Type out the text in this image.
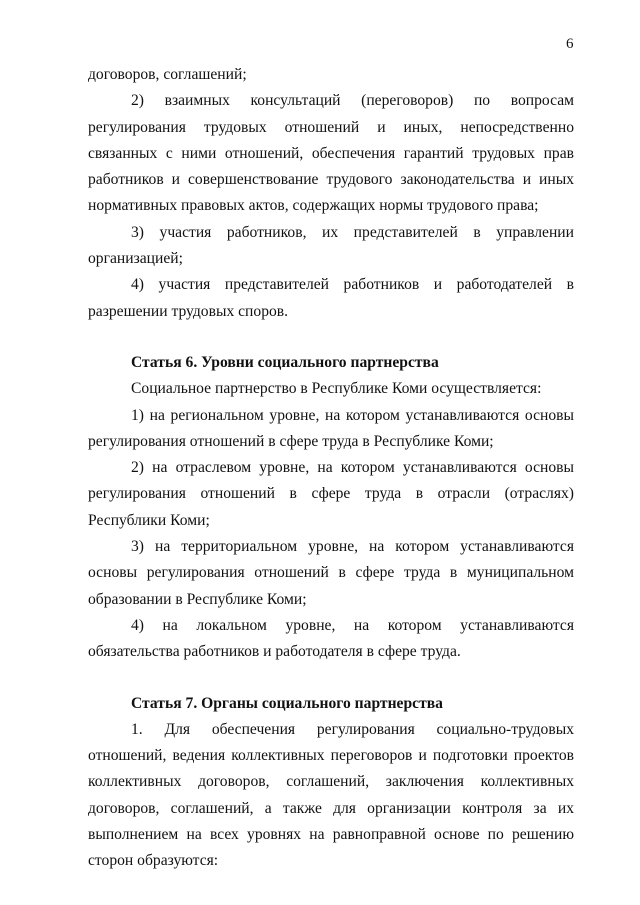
6

договоров, соглашений;

2) взаимных консультаций (переговоров) по вопросам регулирования трудовых отношений и иных, непосредственно связанных с ними отношений, обеспечения гарантий трудовых прав работников и совершенствование трудового законодательства и иных нормативных правовых актов, содержащих нормы трудового права;

3) участия работников, их представителей в управлении организацией;

4) участия представителей работников и работодателей в разрешении трудовых споров.

Статья 6. Уровни социального партнерства

Социальное партнерство в Республике Коми осуществляется:

1) на региональном уровне, на котором устанавливаются основы регулирования отношений в сфере труда в Республике Коми;

2) на отраслевом уровне, на котором устанавливаются основы регулирования отношений в сфере труда в отрасли (отраслях) Республики Коми;

3) на территориальном уровне, на котором устанавливаются основы регулирования отношений в сфере труда в муниципальном образовании в Республике Коми;

4) на локальном уровне, на котором устанавливаются обязательства работников и работодателя в сфере труда.

Статья 7. Органы социального партнерства

1. Для обеспечения регулирования социально-трудовых отношений, ведения коллективных переговоров и подготовки проектов коллективных договоров, соглашений, заключения коллективных договоров, соглашений, а также для организации контроля за их выполнением на всех уровнях на равноправной основе по решению сторон образуются:
